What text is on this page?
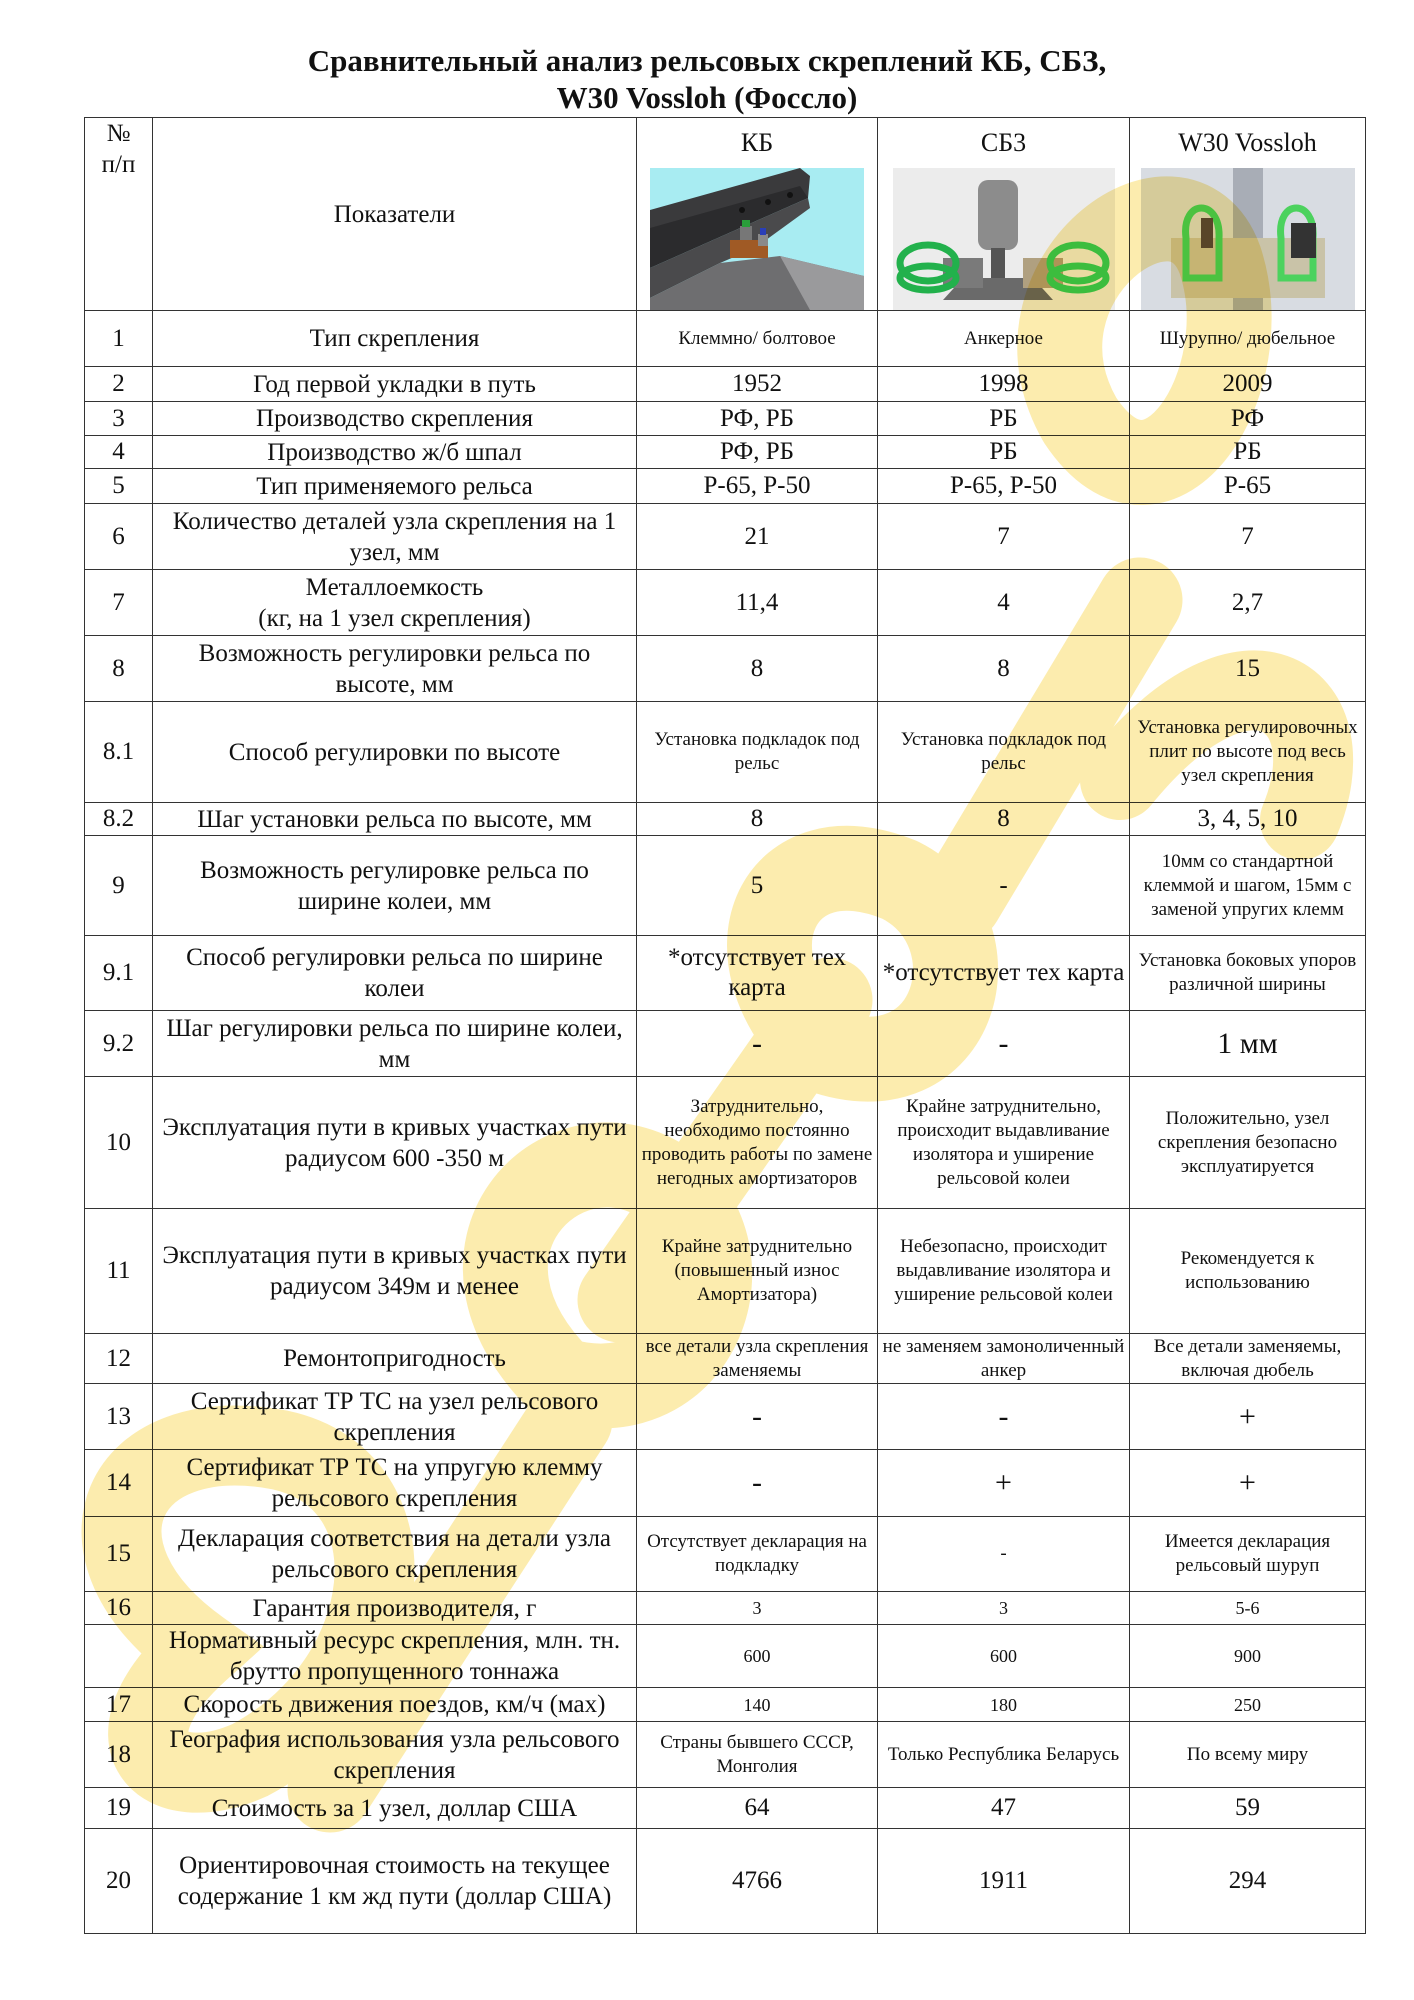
Сравнительный анализ рельсовых скреплений КБ, СБЗ,
W30 Vossloh (Фоссло)
№
п/п	Показатели	КБ	СБ3	W30 Vossloh

1	Тип скрепления	Клеммно/ болтовое	Анкерное	Шурупно/ дюбельное
2	Год первой укладки в путь	1952	1998	2009
3	Производство скрепления	РФ, РБ	РБ	РФ
4	Производство ж/б шпал	РФ, РБ	РБ	РБ
5	Тип применяемого рельса	Р-65, Р-50	Р-65, Р-50	Р-65
6	Количество деталей узла скрепления на 1 узел, мм	21	7	7
7	Металлоемкость
(кг, на 1 узел скрепления)	11,4	4	2,7
8	Возможность регулировки рельса по высоте, мм	8	8	15
8.1	Способ регулировки по высоте	Установка подкладок под рельс	Установка подкладок под рельс	Установка регулировочных плит по высоте под весь узел скрепления
8.2	Шаг установки рельса по высоте, мм	8	8	3, 4, 5, 10
9	Возможность регулировке рельса по ширине колеи, мм	5	-	10мм со стандартной клеммой и шагом, 15мм с заменой упругих клемм
9.1	Способ регулировки рельса по ширине колеи	*отсутствует тех карта	*отсутствует тех карта	Установка боковых упоров различной ширины
9.2	Шаг регулировки рельса по ширине колеи, мм	-	-	1 мм
10	Эксплуатация пути в кривых участках пути радиусом 600 -350 м	Затруднительно, необходимо постоянно проводить работы по замене негодных амортизаторов	Крайне затруднительно, происходит выдавливание изолятора и уширение рельсовой колеи	Положительно, узел скрепления безопасно эксплуатируется
11	Эксплуатация пути в кривых участках пути радиусом 349м и менее	Крайне затруднительно (повышенный износ Амортизатора)	Небезопасно, происходит выдавливание изолятора и уширение рельсовой колеи	Рекомендуется к использованию
12	Ремонтопригодность	все детали узла скрепления заменяемы	не заменяем замоноличенный анкер	Все детали заменяемы, включая дюбель
13	Сертификат ТР ТС на узел рельсового скрепления	-	-	+
14	Сертификат ТР ТС на упругую клемму рельсового скрепления	-	+	+
15	Декларация соответствия на детали узла рельсового скрепления	Отсутствует декларация на подкладку	-	Имеется декларация рельсовый шуруп
16	Гарантия производителя, г	3	3	5-6
	Нормативный ресурс скрепления, млн. тн. брутто пропущенного тоннажа	600	600	900
17	Скорость движения поездов, км/ч (мах)	140	180	250
18	География использования узла рельсового скрепления	Страны бывшего СССР, Монголия	Только Республика Беларусь	По всему миру
19	Стоимость за 1 узел, доллар США	64	47	59
20	Ориентировочная стоимость на текущее содержание 1 км жд пути (доллар США)	4766	1911	294
